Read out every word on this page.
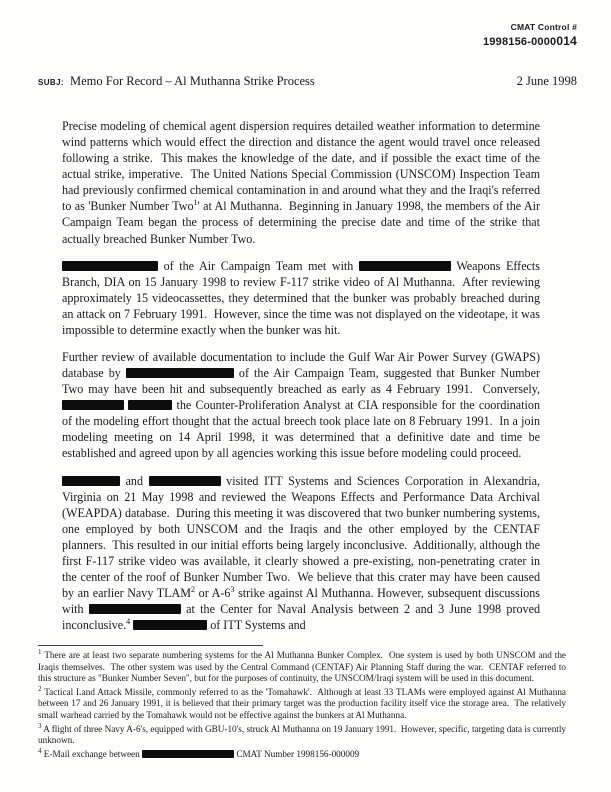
CMAT Control #
1998156-0000014
SUBJ: Memo For Record – Al Muthanna Strike Process	2 June 1998

Precise modeling of chemical agent dispersion requires detailed weather information to determine wind patterns which would effect the direction and distance the agent would travel once released following a strike.  This makes the knowledge of the date, and if possible the exact time of the actual strike, imperative.  The United Nations Special Commission (UNSCOM) Inspection Team had previously confirmed chemical contamination in and around what they and the Iraqi's referred to as 'Bunker Number Two$^1$' at Al Muthanna.  Beginning in January 1998, the members of the Air Campaign Team began the process of determining the precise date and time of the strike that actually breached Bunker Number Two.

of the Air Campaign Team met with	Weapons Effects Branch, DIA on 15 January 1998 to review F-117 strike video of Al Muthanna.  After reviewing approximately 15 videocassettes, they determined that the bunker was probably breached during an attack on 7 February 1991.  However, since the time was not displayed on the videotape, it was impossible to determine exactly when the bunker was hit.

Further review of available documentation to include the Gulf War Air Power Survey (GWAPS) database by	of the Air Campaign Team, suggested that Bunker Number Two may have been hit and subsequently breached as early as 4 February 1991.  Conversely,   the Counter-Proliferation Analyst at CIA responsible for the coordination of the modeling effort thought that the actual breech took place late on 8 February 1991.  In a join modeling meeting on 14 April 1998, it was determined that a definitive date and time be established and agreed upon by all agencies working this issue before modeling could proceed.

and	visited ITT Systems and Sciences Corporation in Alexandria, Virginia on 21 May 1998 and reviewed the Weapons Effects and Performance Data Archival (WEAPDA) database.  During this meeting it was discovered that two bunker numbering systems, one employed by both UNSCOM and the Iraqis and the other employed by the CENTAF planners.  This resulted in our initial efforts being largely inconclusive.  Additionally, although the first F-117 strike video was available, it clearly showed a pre-existing, non-penetrating crater in the center of the roof of Bunker Number Two.  We believe that this crater may have been caused by an earlier Navy TLAM$^2$ or $A-6^3$ strike against Al Muthanna. However, subsequent discussions with	at the Center for Naval Analysis between 2 and 3 June 1998 proved inconclusive.$^4$	of ITT Systems and

$^1$ There are at least two separate numbering systems for the Al Muthanna Bunker Complex.  One system is used by both UNSCOM and the Iraqis themselves.  The other system was used by the Central Command (CENTAF) Air Planning Staff during the war.  CENTAF referred to this structure as "Bunker Number Seven", but for the purposes of continuity, the UNSCOM/Iraqi system will be used in this document.

$^2$ Tactical Land Attack Missile, commonly referred to as the 'Tomahawk'.  Although at least 33 TLAMs were employed against Al Muthanna between 17 and 26 January 1991, it is believed that their primary target was the production facility itself vice the storage area.  The relatively small warhead carried by the Tomahawk would not be effective against the bunkers at Al Muthanna.

$^3$ A flight of three Navy A-6's, equipped with GBU-10's, struck Al Muthanna on 19 January 1991.  However, specific, targeting data is currently unknown.

$^4$ E-Mail exchange between	CMAT Number 1998156-000009
